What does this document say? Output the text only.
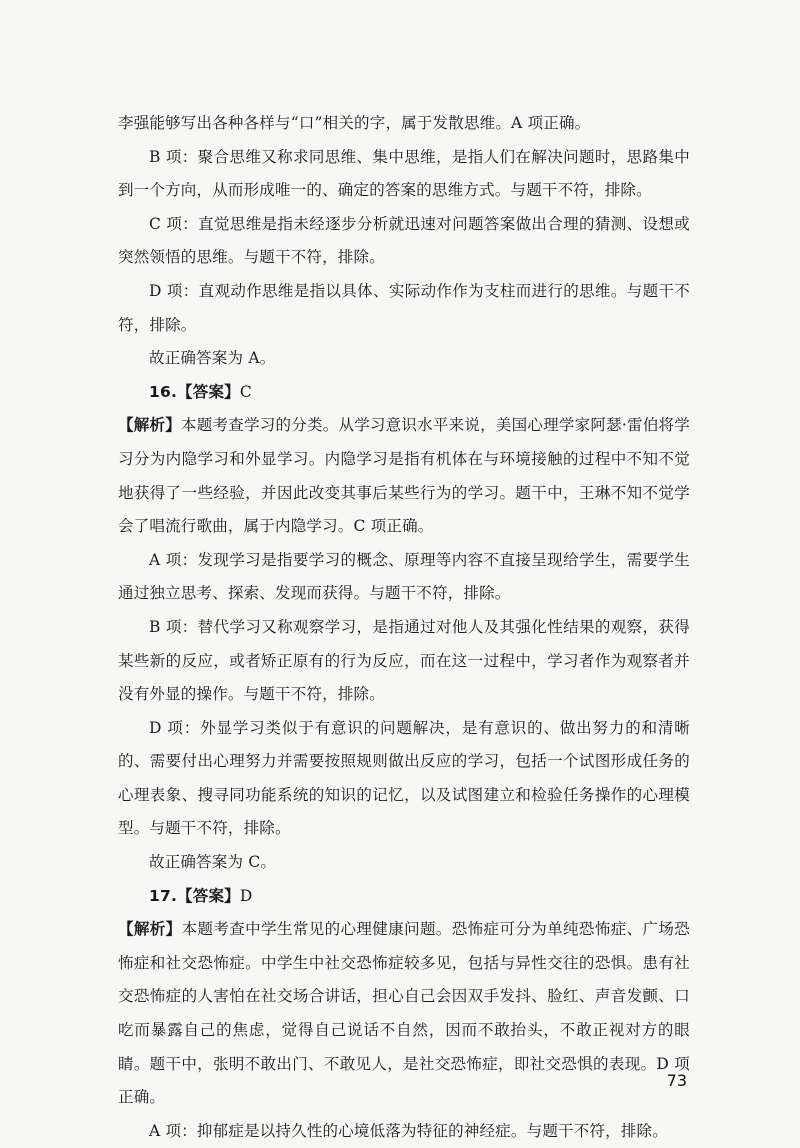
李强能够写出各种各样与“口”相关的字，属于发散思维。A 项正确。

B 项：聚合思维又称求同思维、集中思维，是指人们在解决问题时，思路集中到一个方向，从而形成唯一的、确定的答案的思维方式。与题干不符，排除。

C 项：直觉思维是指未经逐步分析就迅速对问题答案做出合理的猜测、设想或突然领悟的思维。与题干不符，排除。

D 项：直观动作思维是指以具体、实际动作作为支柱而进行的思维。与题干不符，排除。

故正确答案为 A。

16.【答案】C

【解析】本题考查学习的分类。从学习意识水平来说，美国心理学家阿瑟·雷伯将学习分为内隐学习和外显学习。内隐学习是指有机体在与环境接触的过程中不知不觉地获得了一些经验，并因此改变其事后某些行为的学习。题干中，王琳不知不觉学会了唱流行歌曲，属于内隐学习。C 项正确。

A 项：发现学习是指要学习的概念、原理等内容不直接呈现给学生，需要学生通过独立思考、探索、发现而获得。与题干不符，排除。

B 项：替代学习又称观察学习，是指通过对他人及其强化性结果的观察，获得某些新的反应，或者矫正原有的行为反应，而在这一过程中，学习者作为观察者并没有外显的操作。与题干不符，排除。

D 项：外显学习类似于有意识的问题解决，是有意识的、做出努力的和清晰的、需要付出心理努力并需要按照规则做出反应的学习，包括一个试图形成任务的心理表象、搜寻同功能系统的知识的记忆，以及试图建立和检验任务操作的心理模型。与题干不符，排除。

故正确答案为 C。

17.【答案】D

【解析】本题考查中学生常见的心理健康问题。恐怖症可分为单纯恐怖症、广场恐怖症和社交恐怖症。中学生中社交恐怖症较多见，包括与异性交往的恐惧。患有社交恐怖症的人害怕在社交场合讲话，担心自己会因双手发抖、脸红、声音发颤、口吃而暴露自己的焦虑，觉得自己说话不自然，因而不敢抬头，不敢正视对方的眼睛。题干中，张明不敢出门、不敢见人，是社交恐怖症，即社交恐惧的表现。D 项正确。

A 项：抑郁症是以持久性的心境低落为特征的神经症。与题干不符，排除。

73
